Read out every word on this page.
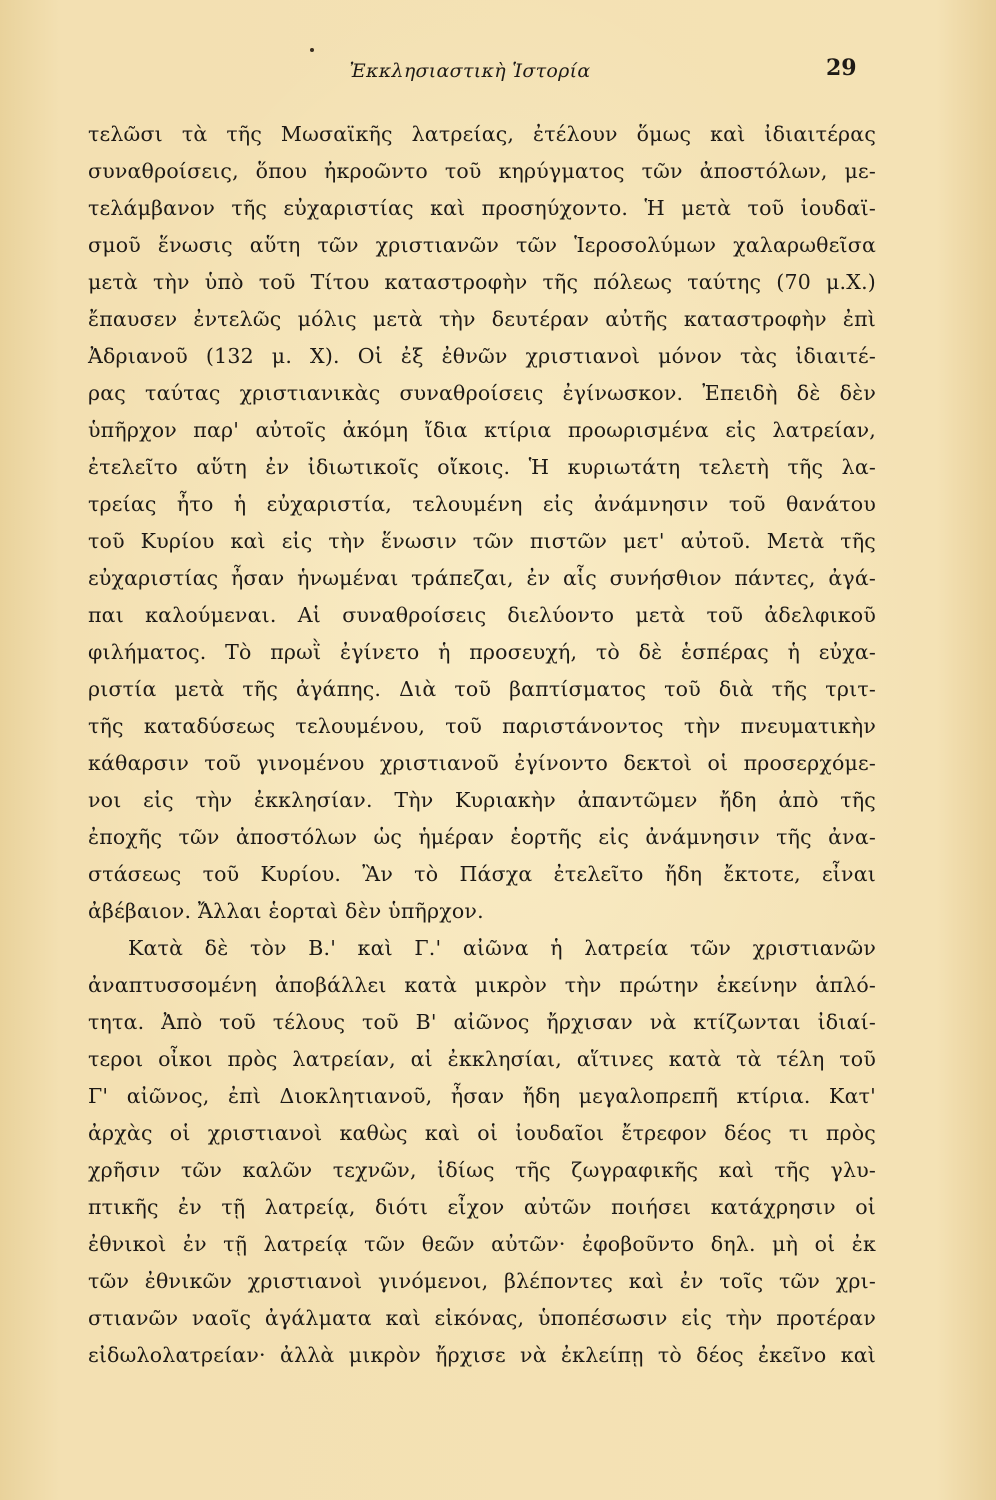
Ἐκκλησιαστικὴ Ἱστορία	29
τελῶσι τὰ τῆς Μωσαϊκῆς λατρείας, ἐτέλουν ὅμως καὶ ἰδιαιτέρας
συναθροίσεις, ὅπου ἠκροῶντο τοῦ κηρύγματος τῶν ἀποστόλων, με-
τελάμβανον τῆς εὐχαριστίας καὶ προσηύχοντο. Ἡ μετὰ τοῦ ἰουδαϊ-
σμοῦ ἕνωσις αὕτη τῶν χριστιανῶν τῶν Ἱεροσολύμων χαλαρωθεῖσα
μετὰ τὴν ὑπὸ τοῦ Τίτου καταστροφὴν τῆς πόλεως ταύτης (70 μ.Χ.)
ἔπαυσεν ἐντελῶς μόλις μετὰ τὴν δευτέραν αὐτῆς καταστροφὴν ἐπὶ
Ἀδριανοῦ (132 μ. Χ). Οἱ ἐξ ἐθνῶν χριστιανοὶ μόνον τὰς ἰδιαιτέ-
ρας ταύτας χριστιανικὰς συναθροίσεις ἐγίνωσκον. Ἐπειδὴ δὲ δὲν
ὑπῆρχον παρ' αὐτοῖς ἀκόμη ἴδια κτίρια προωρισμένα εἰς λατρείαν,
ἐτελεῖτο αὕτη ἐν ἰδιωτικοῖς οἴκοις. Ἡ κυριωτάτη τελετὴ τῆς λα-
τρείας ἦτο ἡ εὐχαριστία, τελουμένη εἰς ἀνάμνησιν τοῦ θανάτου
τοῦ Κυρίου καὶ εἰς τὴν ἕνωσιν τῶν πιστῶν μετ' αὐτοῦ. Μετὰ τῆς
εὐχαριστίας ἦσαν ἡνωμέναι τράπεζαι, ἐν αἷς συνήσθιον πάντες, ἀγά-
παι καλούμεναι. Αἱ συναθροίσεις διελύοντο μετὰ τοῦ ἀδελφικοῦ
φιλήματος. Τὸ πρωῒ ἐγίνετο ἡ προσευχή, τὸ δὲ ἑσπέρας ἡ εὐχα-
ριστία μετὰ τῆς ἀγάπης. Διὰ τοῦ βαπτίσματος τοῦ διὰ τῆς τριτ-
τῆς καταδύσεως τελουμένου, τοῦ παριστάνοντος τὴν πνευματικὴν
κάθαρσιν τοῦ γινομένου χριστιανοῦ ἐγίνοντο δεκτοὶ οἱ προσερχόμε-
νοι εἰς τὴν ἐκκλησίαν. Τὴν Κυριακὴν ἀπαντῶμεν ἤδη ἀπὸ τῆς
ἐποχῆς τῶν ἀποστόλων ὡς ἡμέραν ἑορτῆς εἰς ἀνάμνησιν τῆς ἀνα-
στάσεως τοῦ Κυρίου. Ἂν τὸ Πάσχα ἐτελεῖτο ἤδη ἔκτοτε, εἶναι
ἀβέβαιον. Ἄλλαι ἑορταὶ δὲν ὑπῆρχον.
Κατὰ δὲ τὸν Β.' καὶ Γ.' αἰῶνα ἡ λατρεία τῶν χριστιανῶν
ἀναπτυσσομένη ἀποβάλλει κατὰ μικρὸν τὴν πρώτην ἐκείνην ἁπλό-
τητα. Ἀπὸ τοῦ τέλους τοῦ Β' αἰῶνος ἤρχισαν νὰ κτίζωνται ἰδιαί-
τεροι οἶκοι πρὸς λατρείαν, αἱ ἐκκλησίαι, αἵτινες κατὰ τὰ τέλη τοῦ
Γ' αἰῶνος, ἐπὶ Διοκλητιανοῦ, ἦσαν ἤδη μεγαλοπρεπῆ κτίρια. Κατ'
ἀρχὰς οἱ χριστιανοὶ καθὼς καὶ οἱ ἰουδαῖοι ἔτρεφον δέος τι πρὸς
χρῆσιν τῶν καλῶν τεχνῶν, ἰδίως τῆς ζωγραφικῆς καὶ τῆς γλυ-
πτικῆς ἐν τῇ λατρείᾳ, διότι εἶχον αὐτῶν ποιήσει κατάχρησιν οἱ
ἐθνικοὶ ἐν τῇ λατρείᾳ τῶν θεῶν αὐτῶν· ἐφοβοῦντο δηλ. μὴ οἱ ἐκ
τῶν ἐθνικῶν χριστιανοὶ γινόμενοι, βλέποντες καὶ ἐν τοῖς τῶν χρι-
στιανῶν ναοῖς ἀγάλματα καὶ εἰκόνας, ὑποπέσωσιν εἰς τὴν προτέραν
εἰδωλολατρείαν· ἀλλὰ μικρὸν ἤρχισε νὰ ἐκλείπῃ τὸ δέος ἐκεῖνο καὶ
